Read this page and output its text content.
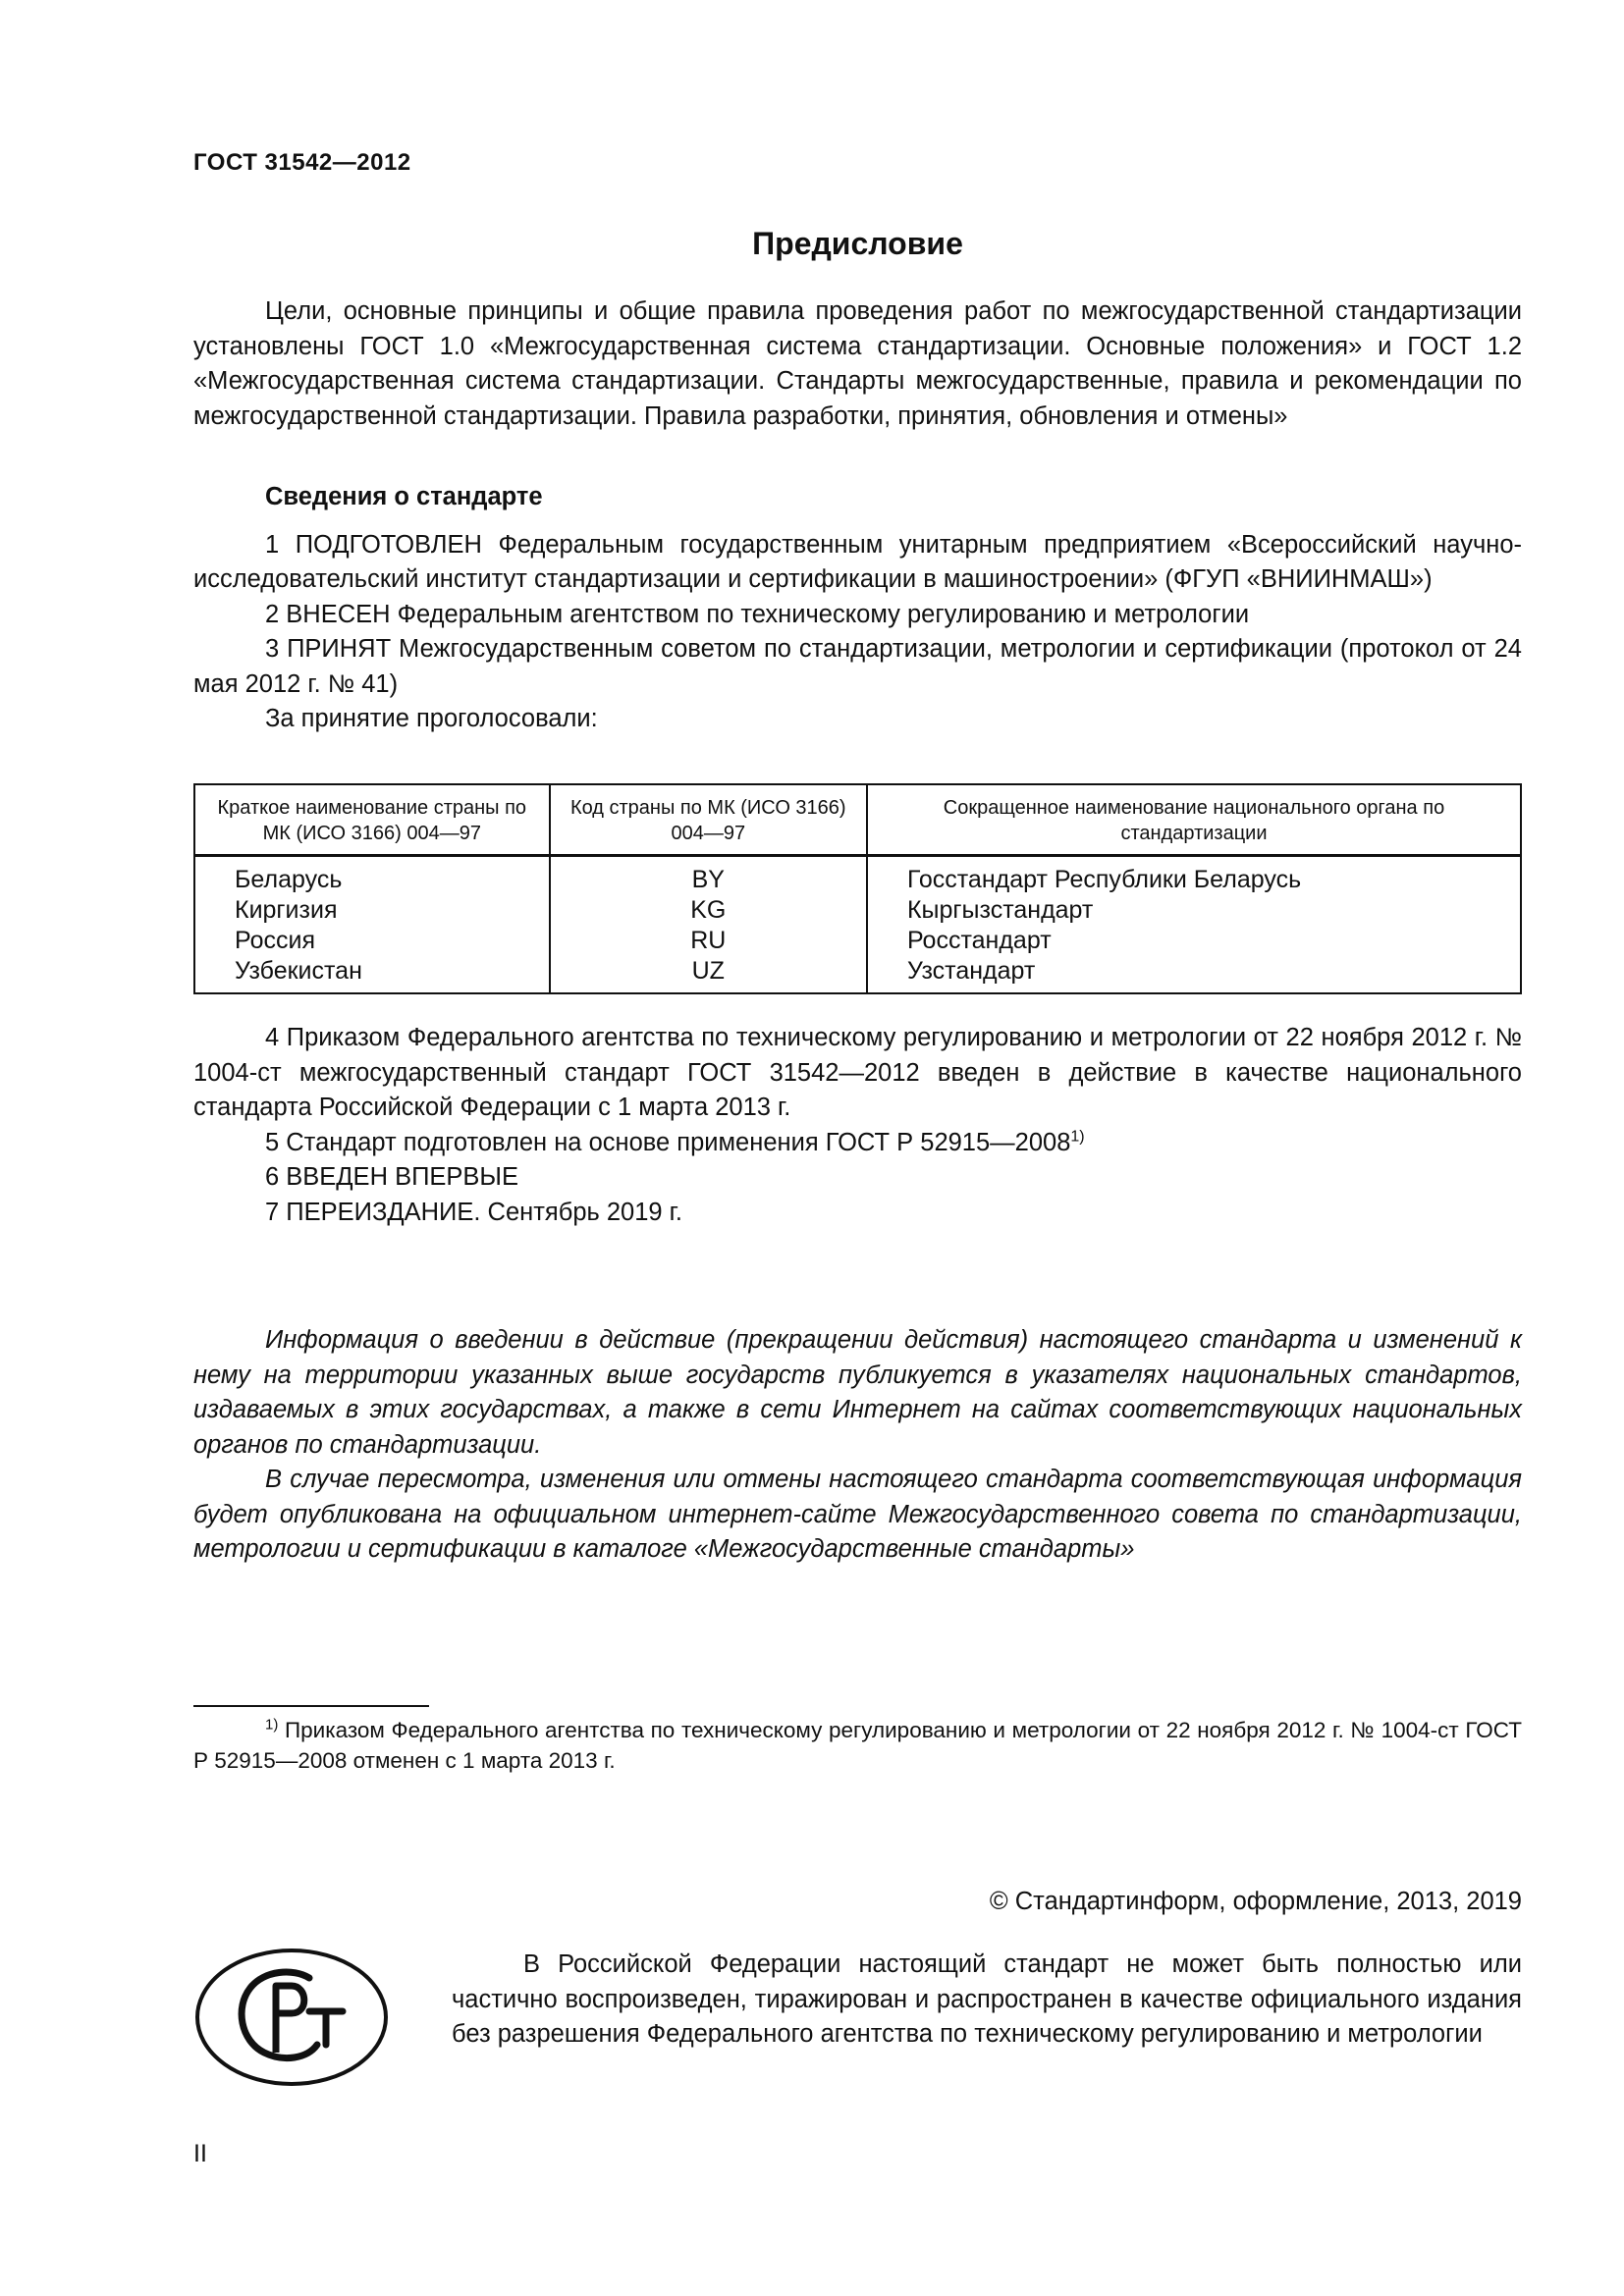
ГОСТ 31542—2012
Предисловие

Цели, основные принципы и общие правила проведения работ по межгосударственной стандартизации установлены ГОСТ 1.0 «Межгосударственная система стандартизации. Основные положения» и ГОСТ 1.2 «Межгосударственная система стандартизации. Стандарты межгосударственные, правила и рекомендации по межгосударственной стандартизации. Правила разработки, принятия, обновления и отмены»

Сведения о стандарте

1 ПОДГОТОВЛЕН Федеральным государственным унитарным предприятием «Всероссийский научно-исследовательский институт стандартизации и сертификации в машиностроении» (ФГУП «ВНИИНМАШ»)

2 ВНЕСЕН Федеральным агентством по техническому регулированию и метрологии

3 ПРИНЯТ Межгосударственным советом по стандартизации, метрологии и сертификации (протокол от 24 мая 2012 г. № 41)

За принятие проголосовали:

Краткое наименование страны по МК (ИСО 3166) 004—97	Код страны по МК (ИСО 3166) 004—97	Сокращенное наименование национального органа по стандартизации
Беларусь	BY	Госстандарт Республики Беларусь
Киргизия	KG	Кыргызстандарт
Россия	RU	Росстандарт
Узбекистан	UZ	Узстандарт

4 Приказом Федерального агентства по техническому регулированию и метрологии от 22 ноября 2012 г. № 1004-ст межгосударственный стандарт ГОСТ 31542—2012 введен в действие в качестве национального стандарта Российской Федерации с 1 марта 2013 г.

5 Стандарт подготовлен на основе применения ГОСТ Р 52915—2008$^{1)}$

6 ВВЕДЕН ВПЕРВЫЕ

7 ПЕРЕИЗДАНИЕ. Сентябрь 2019 г.

Информация о введении в действие (прекращении действия) настоящего стандарта и изменений к нему на территории указанных выше государств публикуется в указателях национальных стандартов, издаваемых в этих государствах, а также в сети Интернет на сайтах соответствующих национальных органов по стандартизации.

В случае пересмотра, изменения или отмены настоящего стандарта соответствующая информация будет опубликована на официальном интернет-сайте Межгосударственного совета по стандартизации, метрологии и сертификации в каталоге «Межгосударственные стандарты»

$^{1)}$ Приказом Федерального агентства по техническому регулированию и метрологии от 22 ноября 2012 г. № 1004-ст ГОСТ Р 52915—2008 отменен с 1 марта 2013 г.

© Стандартинформ, оформление, 2013, 2019

В Российской Федерации настоящий стандарт не может быть полностью или частично воспроизведен, тиражирован и распространен в качестве официального издания без разрешения Федерального агентства по техническому регулированию и метрологии

II
